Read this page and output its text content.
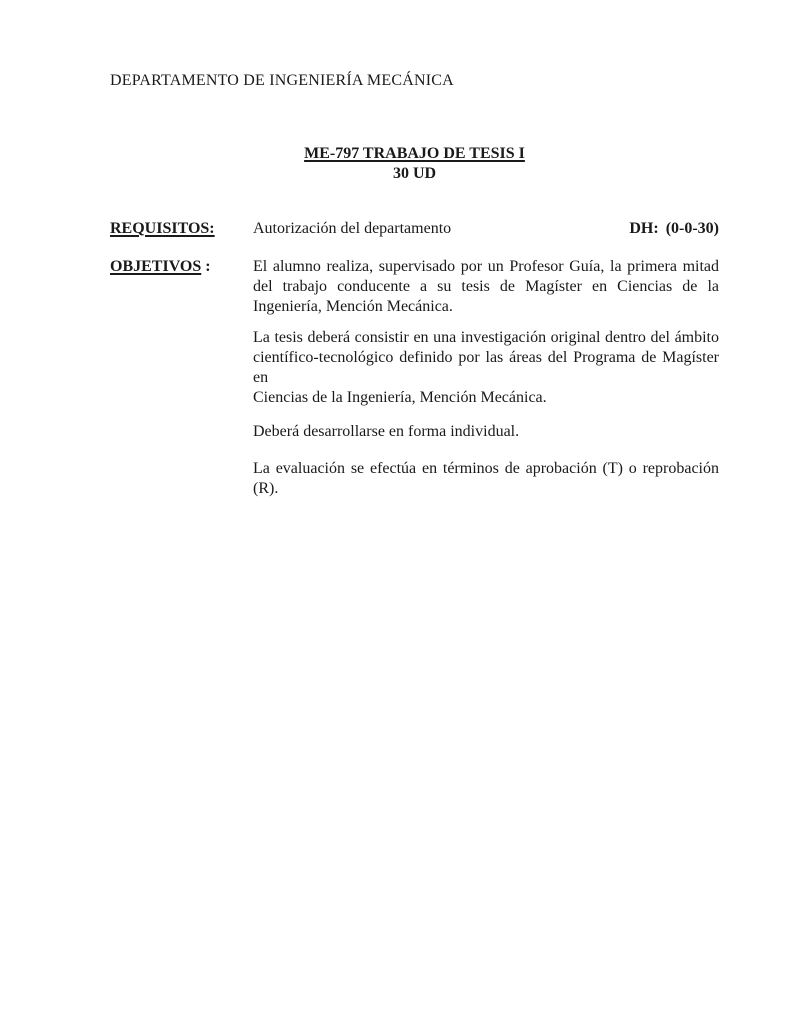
DEPARTAMENTO DE INGENIERÍA MECÁNICA
ME-797 TRABAJO DE TESIS I
30 UD
REQUISITOS:	Autorización del departamento	DH: (0-0-30)
OBJETIVOS :	El alumno realiza, supervisado por un Profesor Guía, la primera mitad
del trabajo conducente a su tesis de Magíster en Ciencias de la
Ingeniería, Mención Mecánica.

La tesis deberá consistir en una investigación original dentro del ámbito
científico-tecnológico definido por las áreas del Programa de Magíster en
Ciencias de la Ingeniería, Mención Mecánica.

Deberá desarrollarse en forma individual.

La evaluación se efectúa en términos de aprobación (T) o reprobación
(R).
